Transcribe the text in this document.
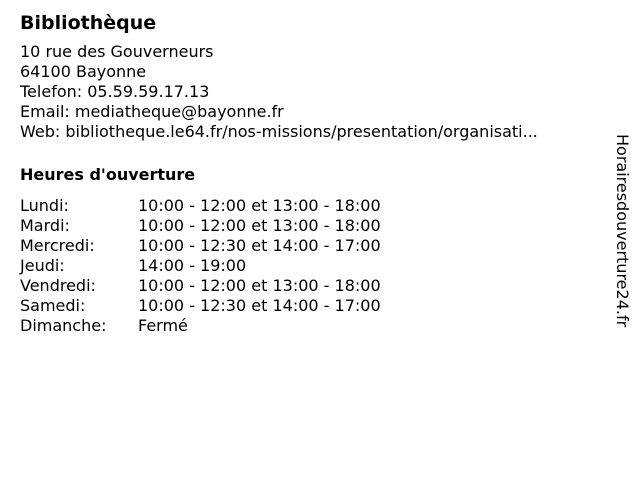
Bibliothèque
10 rue des Gouverneurs
64100 Bayonne
Telefon: 05.59.59.17.13
Email: mediatheque@bayonne.fr
Web: bibliotheque.le64.fr/nos-missions/presentation/organisati...
Heures d'ouverture
Lundi:	10:00 - 12:00 et 13:00 - 18:00
Mardi:	10:00 - 12:00 et 13:00 - 18:00
Mercredi:	10:00 - 12:30 et 14:00 - 17:00
Jeudi:	14:00 - 19:00
Vendredi:	10:00 - 12:00 et 13:00 - 18:00
Samedi:	10:00 - 12:30 et 14:00 - 17:00
Dimanche:	Fermé	Horairesdouverture24.fr
